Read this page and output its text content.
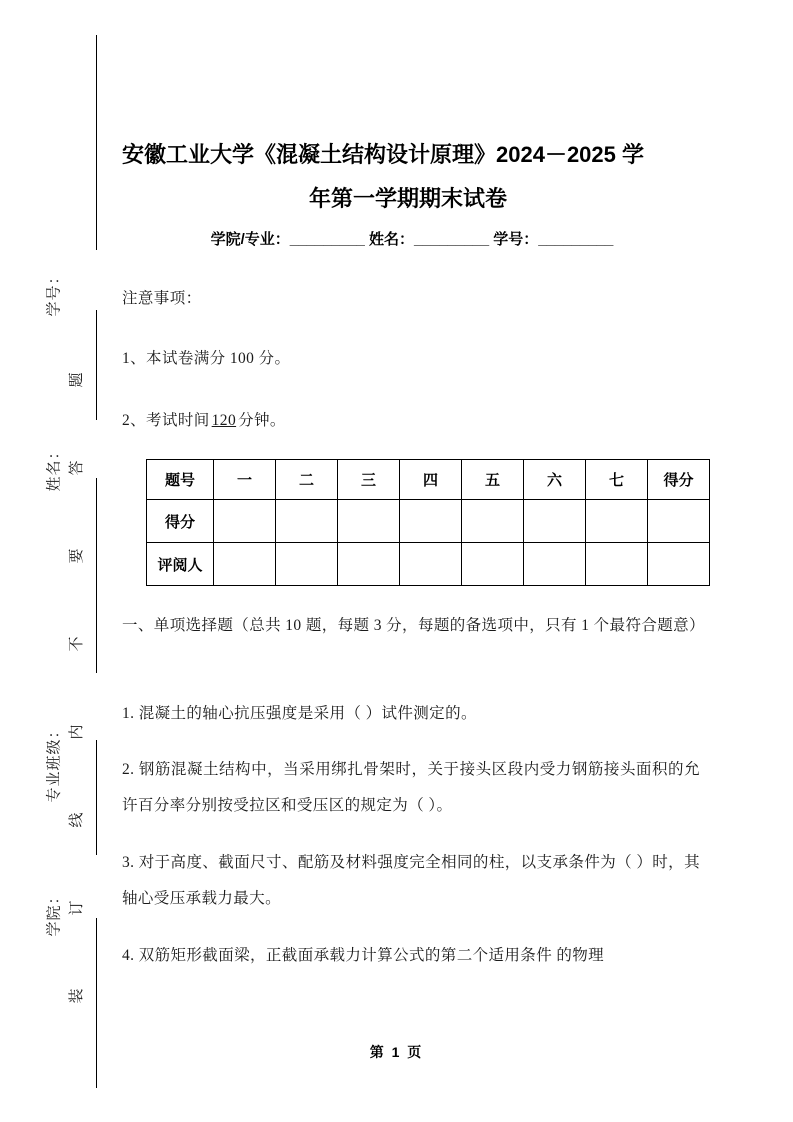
学号：
姓名：
专业班级：
学院：
题
答
要
不
内
线
订
装
安徽工业大学《混凝土结构设计原理》2024－2025 学
年第一学期期末试卷
学院/专业：_________ 姓名：_________ 学号：_________
注意事项：
1、本试卷满分 100 分。
2、考试时间 120 分钟。
题号	一	二	三	四	五	六	七	得分
得分								
评阅人								
一、单项选择题（总共 10 题，每题 3 分，每题的备选项中，只有 1 个最符合题意）
1. 混凝土的轴心抗压强度是采用（ ）试件测定的。
2. 钢筋混凝土结构中，当采用绑扎骨架时，关于接头区段内受力钢筋接头面积的允许百分率分别按受拉区和受压区的规定为（ ）。
3. 对于高度、截面尺寸、配筋及材料强度完全相同的柱，以支承条件为（ ）时，其轴心受压承载力最大。
4. 双筋矩形截面梁，正截面承载力计算公式的第二个适用条件 的物理
第 1 页
